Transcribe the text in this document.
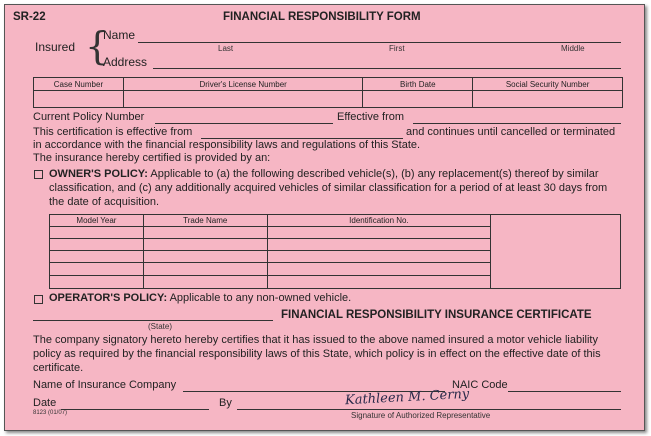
SR-22	FINANCIAL RESPONSIBILITY FORM
Insured {
Name
Last	First	Middle
Address
Case Number	Driver's License Number	Birth Date	Social Security Number

Current Policy Number	Effective from
This certification is effective from	and continues until cancelled or terminated
in accordance with the financial responsibility laws and regulations of this State.
The insurance hereby certified is provided by an:
OWNER'S POLICY: Applicable to (a) the following described vehicle(s), (b) any replacement(s) thereof by similar classification, and (c) any additionally acquired vehicles of similar classification for a period of at least 30 days from the date of acquisition.
Model Year	Trade Name	Identification No.	

OPERATOR'S POLICY: Applicable to any non-owned vehicle.
(State)
FINANCIAL RESPONSIBILITY INSURANCE CERTIFICATE
The company signatory hereto hereby certifies that it has issued to the above named insured a motor vehicle liability policy as required by the financial responsibility laws of this State, which policy is in effect on the effective date of this certificate.
Name of Insurance Company	NAIC Code
Date
8123 (01/07)
By	Kathleen M. Cerny
Signature of Authorized Representative
